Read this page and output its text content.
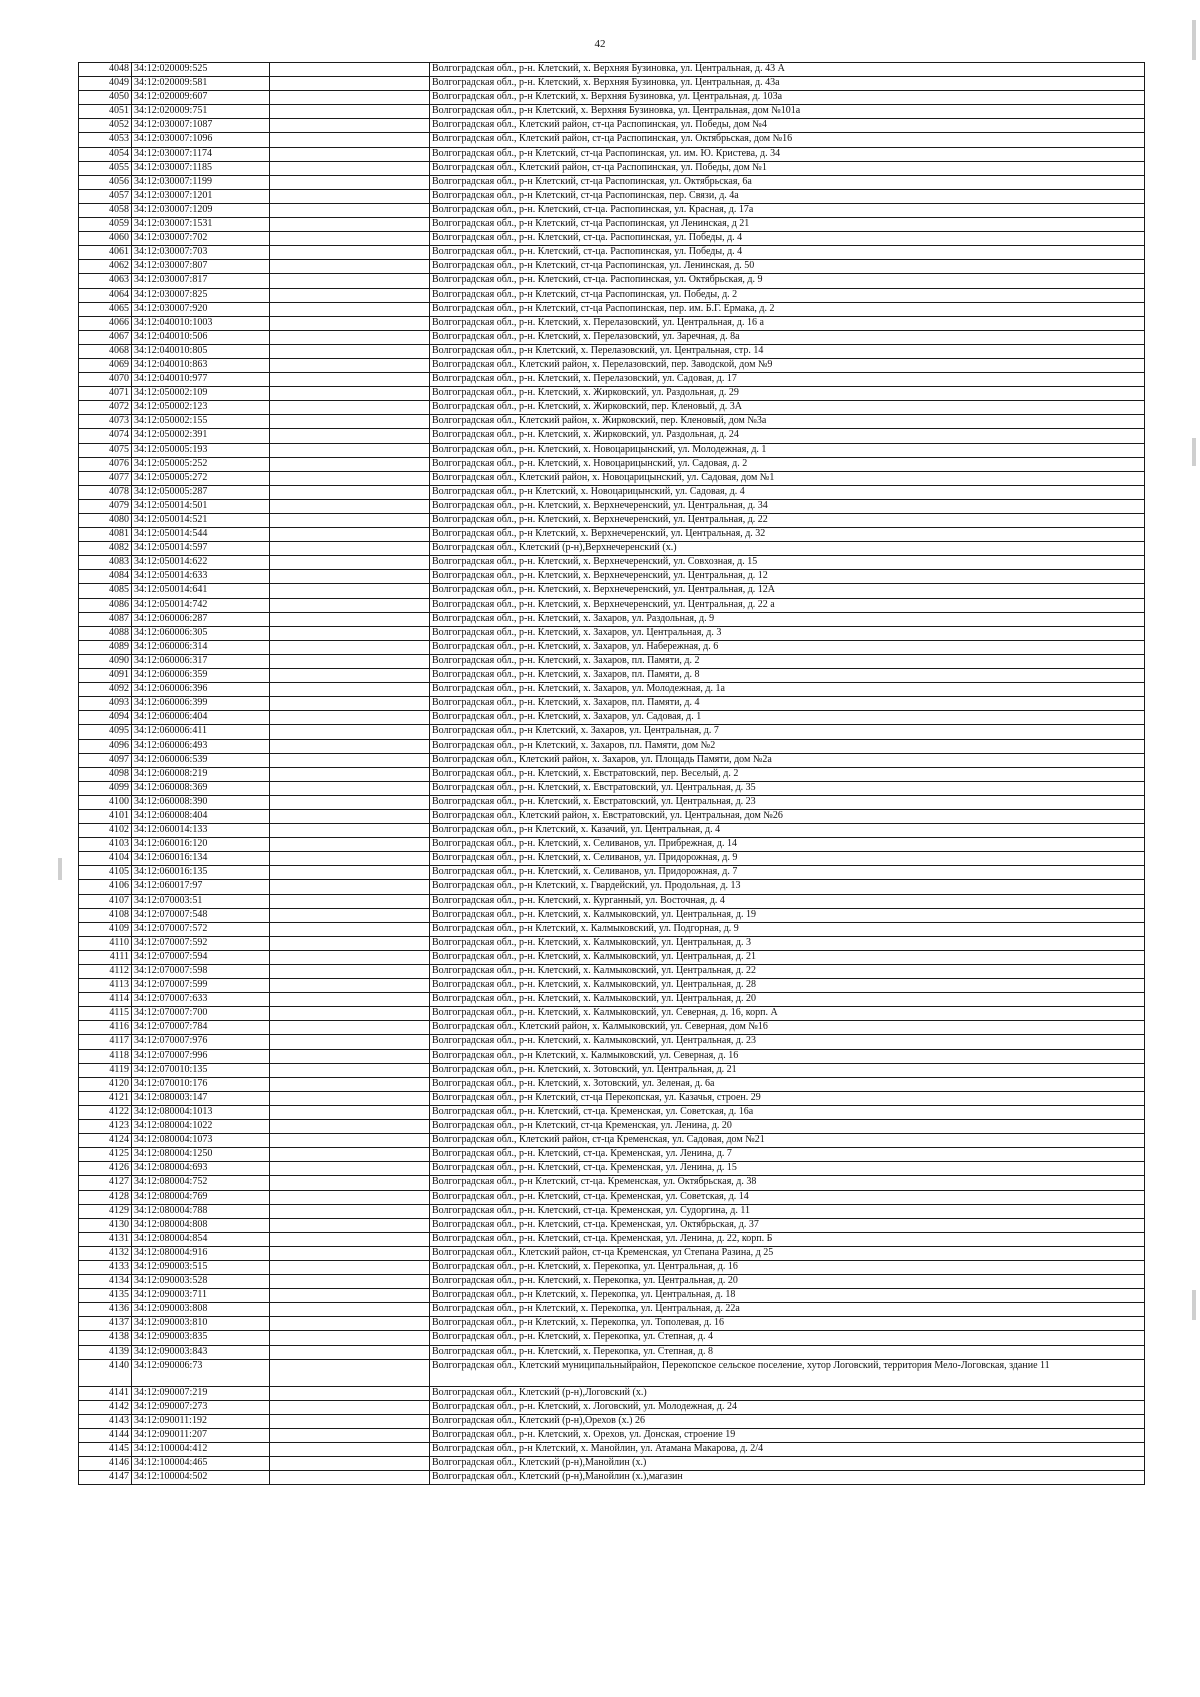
42
4048	34:12:020009:525		Волгоградская обл., р-н. Клетский, х. Верхняя Бузиновка, ул. Центральная, д. 43 А
4049	34:12:020009:581		Волгоградская обл., р-н. Клетский, х. Верхняя Бузиновка, ул. Центральная, д. 43а
4050	34:12:020009:607		Волгоградская обл., р-н Клетский, х. Верхняя Бузиновка, ул. Центральная, д. 103а
4051	34:12:020009:751		Волгоградская обл., р-н Клетский, х. Верхняя Бузиновка, ул. Центральная, дом №101а
4052	34:12:030007:1087		Волгоградская обл., Клетский район, ст-ца Распопинская, ул. Победы, дом №4
4053	34:12:030007:1096		Волгоградская обл., Клетский район, ст-ца Распопинская, ул. Октябрьская, дом №16
4054	34:12:030007:1174		Волгоградская обл., р-н Клетский, ст-ца Распопинская, ул. им. Ю. Кристева, д. 34
4055	34:12:030007:1185		Волгоградская обл., Клетский район, ст-ца Распопинская, ул. Победы, дом №1
4056	34:12:030007:1199		Волгоградская обл., р-н Клетский, ст-ца Распопинская, ул. Октябрьская, 6а
4057	34:12:030007:1201		Волгоградская обл., р-н Клетский, ст-ца Распопинская, пер. Связи, д. 4а
4058	34:12:030007:1209		Волгоградская обл., р-н. Клетский, ст-ца. Распопинская, ул. Красная, д. 17а
4059	34:12:030007:1531		Волгоградская обл., р-н Клетский, ст-ца Распопинская, ул Ленинская, д 21
4060	34:12:030007:702		Волгоградская обл., р-н. Клетский, ст-ца. Распопинская, ул. Победы, д. 4
4061	34:12:030007:703		Волгоградская обл., р-н. Клетский, ст-ца. Распопинская, ул. Победы, д. 4
4062	34:12:030007:807		Волгоградская обл., р-н Клетский, ст-ца Распопинская, ул. Ленинская, д. 50
4063	34:12:030007:817		Волгоградская обл., р-н. Клетский, ст-ца. Распопинская, ул. Октябрьская, д. 9
4064	34:12:030007:825		Волгоградская обл., р-н Клетский, ст-ца Распопинская, ул. Победы, д. 2
4065	34:12:030007:920		Волгоградская обл., р-н Клетский, ст-ца Распопинская, пер. им. Б.Г. Ермака, д. 2
4066	34:12:040010:1003		Волгоградская обл., р-н. Клетский, х. Перелазовский, ул. Центральная, д. 16 а
4067	34:12:040010:506		Волгоградская обл., р-н. Клетский, х. Перелазовский, ул. Заречная, д. 8а
4068	34:12:040010:805		Волгоградская обл., р-н Клетский, х. Перелазовский, ул. Центральная, стр. 14
4069	34:12:040010:863		Волгоградская обл., Клетский район, х. Перелазовский, пер. Заводской, дом №9
4070	34:12:040010:977		Волгоградская обл., р-н. Клетский, х. Перелазовский, ул. Садовая, д. 17
4071	34:12:050002:109		Волгоградская обл., р-н. Клетский, х. Жирковский, ул. Раздольная, д. 29
4072	34:12:050002:123		Волгоградская обл., р-н. Клетский, х. Жирковский, пер. Кленовый, д. 3А
4073	34:12:050002:155		Волгоградская обл., Клетский район, х. Жирковский, пер. Кленовый, дом №3а
4074	34:12:050002:391		Волгоградская обл., р-н. Клетский, х. Жирковский, ул. Раздольная, д. 24
4075	34:12:050005:193		Волгоградская обл., р-н. Клетский, х. Новоцарицынский, ул. Молодежная, д. 1
4076	34:12:050005:252		Волгоградская обл., р-н. Клетский, х. Новоцарицынский, ул. Садовая, д. 2
4077	34:12:050005:272		Волгоградская обл., Клетский район, х. Новоцарицынский, ул. Садовая, дом №1
4078	34:12:050005:287		Волгоградская обл., р-н Клетский, х. Новоцарицынский, ул. Садовая, д. 4
4079	34:12:050014:501		Волгоградская обл., р-н. Клетский, х. Верхнечеренский, ул. Центральная, д. 34
4080	34:12:050014:521		Волгоградская обл., р-н. Клетский, х. Верхнечеренский, ул. Центральная, д. 22
4081	34:12:050014:544		Волгоградская обл., р-н Клетский, х. Верхнечеренский, ул. Центральная, д. 32
4082	34:12:050014:597		Волгоградская обл., Клетский (р-н),Верхнечеренский (х.)
4083	34:12:050014:622		Волгоградская обл., р-н. Клетский, х. Верхнечеренский, ул. Совхозная, д. 15
4084	34:12:050014:633		Волгоградская обл., р-н. Клетский, х. Верхнечеренский, ул. Центральная, д. 12
4085	34:12:050014:641		Волгоградская обл., р-н. Клетский, х. Верхнечеренский, ул. Центральная, д. 12А
4086	34:12:050014:742		Волгоградская обл., р-н. Клетский, х. Верхнечеренский, ул. Центральная, д. 22 а
4087	34:12:060006:287		Волгоградская обл., р-н. Клетский, х. Захаров, ул. Раздольная, д. 9
4088	34:12:060006:305		Волгоградская обл., р-н. Клетский, х. Захаров, ул. Центральная, д. 3
4089	34:12:060006:314		Волгоградская обл., р-н. Клетский, х. Захаров, ул. Набережная, д. 6
4090	34:12:060006:317		Волгоградская обл., р-н. Клетский, х. Захаров, пл. Памяти, д. 2
4091	34:12:060006:359		Волгоградская обл., р-н. Клетский, х. Захаров, пл. Памяти, д. 8
4092	34:12:060006:396		Волгоградская обл., р-н. Клетский, х. Захаров, ул. Молодежная, д. 1а
4093	34:12:060006:399		Волгоградская обл., р-н. Клетский, х. Захаров, пл. Памяти, д. 4
4094	34:12:060006:404		Волгоградская обл., р-н. Клетский, х. Захаров, ул. Садовая, д. 1
4095	34:12:060006:411		Волгоградская обл., р-н Клетский, х. Захаров, ул. Центральная, д. 7
4096	34:12:060006:493		Волгоградская обл., р-н Клетский, х. Захаров, пл. Памяти, дом №2
4097	34:12:060006:539		Волгоградская обл., Клетский район, х. Захаров, ул. Площадь Памяти, дом №2а
4098	34:12:060008:219		Волгоградская обл., р-н. Клетский, х. Евстратовский, пер. Веселый, д. 2
4099	34:12:060008:369		Волгоградская обл., р-н. Клетский, х. Евстратовский, ул. Центральная, д. 35
4100	34:12:060008:390		Волгоградская обл., р-н. Клетский, х. Евстратовский, ул. Центральная, д. 23
4101	34:12:060008:404		Волгоградская обл., Клетский район, х. Евстратовский, ул. Центральная, дом №26
4102	34:12:060014:133		Волгоградская обл., р-н Клетский, х. Казачий, ул. Центральная, д. 4
4103	34:12:060016:120		Волгоградская обл., р-н. Клетский, х. Селиванов, ул. Прибрежная, д. 14
4104	34:12:060016:134		Волгоградская обл., р-н. Клетский, х. Селиванов, ул. Придорожная, д. 9
4105	34:12:060016:135		Волгоградская обл., р-н. Клетский, х. Селиванов, ул. Придорожная, д. 7
4106	34:12:060017:97		Волгоградская обл., р-н Клетский, х. Гвардейский, ул. Продольная, д. 13
4107	34:12:070003:51		Волгоградская обл., р-н. Клетский, х. Курганный, ул. Восточная, д. 4
4108	34:12:070007:548		Волгоградская обл., р-н. Клетский, х. Калмыковский, ул. Центральная, д. 19
4109	34:12:070007:572		Волгоградская обл., р-н Клетский, х. Калмыковский, ул. Подгорная, д. 9
4110	34:12:070007:592		Волгоградская обл., р-н. Клетский, х. Калмыковский, ул. Центральная, д. 3
4111	34:12:070007:594		Волгоградская обл., р-н. Клетский, х. Калмыковский, ул. Центральная, д. 21
4112	34:12:070007:598		Волгоградская обл., р-н. Клетский, х. Калмыковский, ул. Центральная, д. 22
4113	34:12:070007:599		Волгоградская обл., р-н. Клетский, х. Калмыковский, ул. Центральная, д. 28
4114	34:12:070007:633		Волгоградская обл., р-н. Клетский, х. Калмыковский, ул. Центральная, д. 20
4115	34:12:070007:700		Волгоградская обл., р-н. Клетский, х. Калмыковский, ул. Северная, д. 16, корп. А
4116	34:12:070007:784		Волгоградская обл., Клетский район, х. Калмыковский, ул. Северная, дом №16
4117	34:12:070007:976		Волгоградская обл., р-н. Клетский, х. Калмыковский, ул. Центральная, д. 23
4118	34:12:070007:996		Волгоградская обл., р-н Клетский, х. Калмыковский, ул. Северная, д. 16
4119	34:12:070010:135		Волгоградская обл., р-н. Клетский, х. Зотовский, ул. Центральная, д. 21
4120	34:12:070010:176		Волгоградская обл., р-н. Клетский, х. Зотовский, ул. Зеленая, д. 6а
4121	34:12:080003:147		Волгоградская обл., р-н Клетский, ст-ца Перекопская, ул. Казачья, строен. 29
4122	34:12:080004:1013		Волгоградская обл., р-н. Клетский, ст-ца. Кременская, ул. Советская, д. 16а
4123	34:12:080004:1022		Волгоградская обл., р-н Клетский, ст-ца Кременская, ул. Ленина, д. 20
4124	34:12:080004:1073		Волгоградская обл., Клетский район, ст-ца Кременская, ул. Садовая, дом №21
4125	34:12:080004:1250		Волгоградская обл., р-н. Клетский, ст-ца. Кременская, ул. Ленина, д. 7
4126	34:12:080004:693		Волгоградская обл., р-н. Клетский, ст-ца. Кременская, ул. Ленина, д. 15
4127	34:12:080004:752		Волгоградская обл., р-н Клетский, ст-ца. Кременская, ул. Октябрьская, д. 38
4128	34:12:080004:769		Волгоградская обл., р-н. Клетский, ст-ца. Кременская, ул. Советская, д. 14
4129	34:12:080004:788		Волгоградская обл., р-н. Клетский, ст-ца. Кременская, ул. Судоргина, д. 11
4130	34:12:080004:808		Волгоградская обл., р-н. Клетский, ст-ца. Кременская, ул. Октябрьская, д. 37
4131	34:12:080004:854		Волгоградская обл., р-н. Клетский, ст-ца. Кременская, ул. Ленина, д. 22, корп. Б
4132	34:12:080004:916		Волгоградская обл., Клетский район, ст-ца Кременская, ул Степана Разина, д 25
4133	34:12:090003:515		Волгоградская обл., р-н. Клетский, х. Перекопка, ул. Центральная, д. 16
4134	34:12:090003:528		Волгоградская обл., р-н. Клетский, х. Перекопка, ул. Центральная, д. 20
4135	34:12:090003:711		Волгоградская обл., р-н Клетский, х. Перекопка, ул. Центральная, д. 18
4136	34:12:090003:808		Волгоградская обл., р-н Клетский, х. Перекопка, ул. Центральная, д. 22а
4137	34:12:090003:810		Волгоградская обл., р-н Клетский, х. Перекопка, ул. Тополевая, д. 16
4138	34:12:090003:835		Волгоградская обл., р-н. Клетский, х. Перекопка, ул. Степная, д. 4
4139	34:12:090003:843		Волгоградская обл., р-н. Клетский, х. Перекопка, ул. Степная, д. 8
4140	34:12:090006:73		Волгоградская обл., Клетский муниципальныйрайон, Перекопское сельское поселение, хутор Логовский, территория Мело-Логовская, здание 11
4141	34:12:090007:219		Волгоградская обл., Клетский (р-н),Логовский (х.)
4142	34:12:090007:273		Волгоградская обл., р-н. Клетский, х. Логовский, ул. Молодежная, д. 24
4143	34:12:090011:192		Волгоградская обл., Клетский (р-н),Орехов (х.) 26
4144	34:12:090011:207		Волгоградская обл., р-н. Клетский, х. Орехов, ул. Донская, строение 19
4145	34:12:100004:412		Волгоградская обл., р-н Клетский, х. Манойлин, ул. Атамана Макарова, д. 2/4
4146	34:12:100004:465		Волгоградская обл., Клетский (р-н),Манойлин (х.)
4147	34:12:100004:502		Волгоградская обл., Клетский (р-н),Манойлин (х.),магазин
